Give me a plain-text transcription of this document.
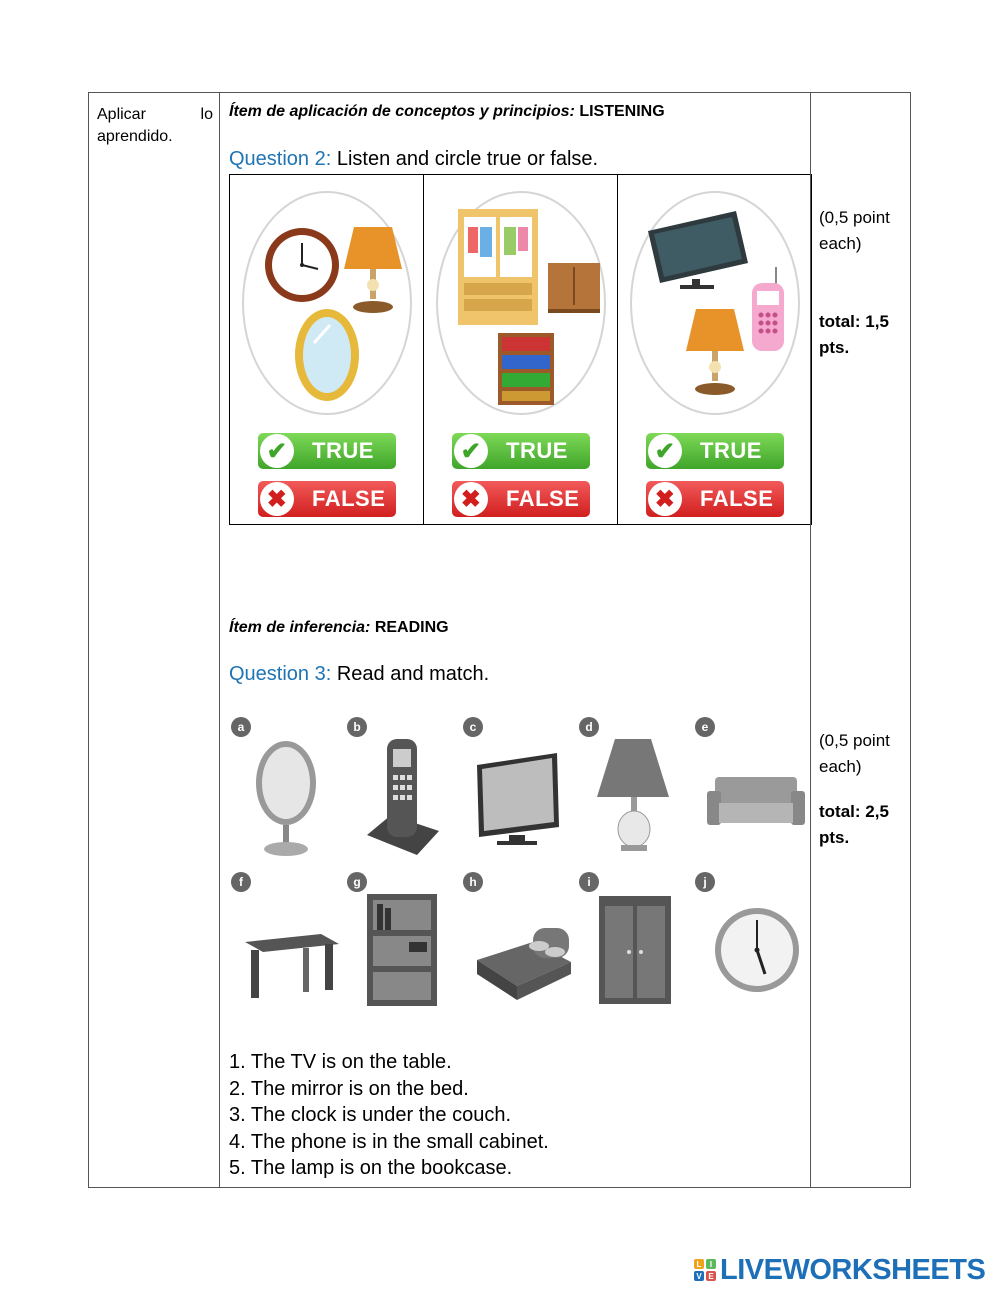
Aplicar	lo
aprendido.
Ítem de aplicación de conceptos y principios: LISTENING
Question 2: Listen and circle true or false.
✔ TRUE
✖ FALSE
✔ TRUE
✖ FALSE
✔ TRUE
✖ FALSE
Ítem de inferencia: READING
Question 3: Read and match.
a	b	c	d	e
f	g	h	i	j
1. The TV is on the table.
2. The mirror is on the bed.
3. The clock is under the couch.
4. The phone is in the small cabinet.
5. The lamp is on the bookcase.
(0,5 point each)
total: 1,5 pts.
(0,5 point each)
total: 2,5 pts.
L	I
V E LIVEWORKSHEETS
